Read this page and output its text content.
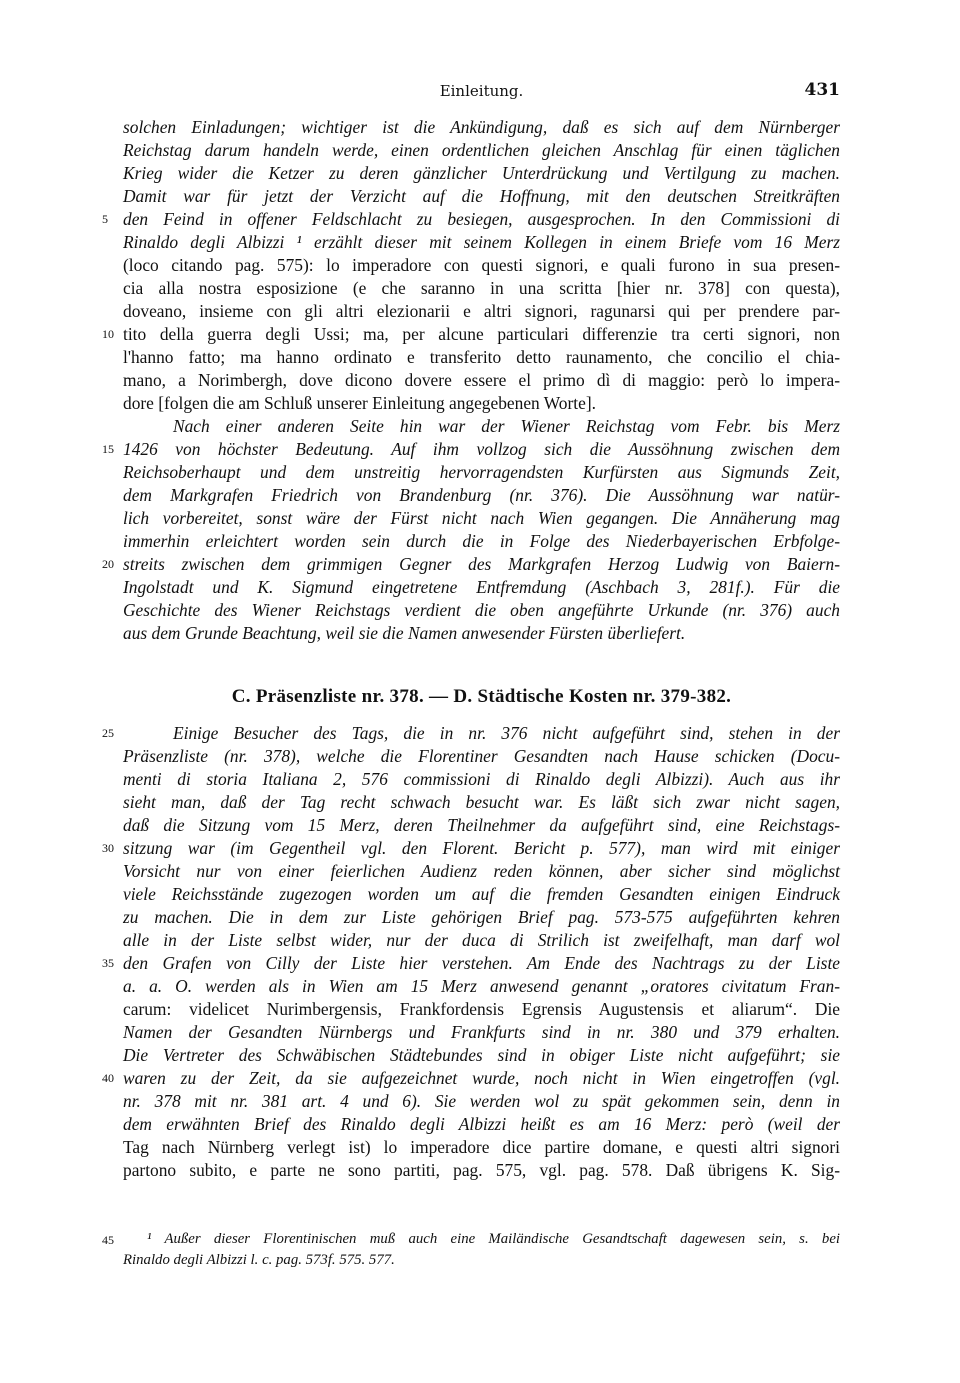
Einleitung.	431
solchen Einladungen; wichtiger ist die Ankündigung, daß es sich auf dem Nürnberger
Reichstag darum handeln werde, einen ordentlichen gleichen Anschlag für einen täglichen
Krieg wider die Ketzer zu deren gänzlicher Unterdrückung und Vertilgung zu machen.
Damit war für jetzt der Verzicht auf die Hoffnung, mit den deutschen Streitkräften
den Feind in offener Feldschlacht zu besiegen, ausgesprochen. In den Commissioni di
Rinaldo degli Albizzi ¹ erzählt dieser mit seinem Kollegen in einem Briefe vom 16 Merz
(loco citando pag. 575): lo imperadore con questi signori, e quali furono in sua presen-
cia alla nostra esposizione (e che saranno in una scritta [hier nr. 378] con questa),
doveano, insieme con gli altri elezionarii e altri signori, ragunarsi qui per prendere par-
tito della guerra degli Ussi; ma, per alcune particulari differenzie tra certi signori, non
l'hanno fatto; ma hanno ordinato e transferito detto raunamento, che concilio el chia-
mano, a Norimbergh, dove dicono dovere essere el primo dì di maggio: però lo impera-
dore [folgen die am Schluß unserer Einleitung angegebenen Worte].
Nach einer anderen Seite hin war der Wiener Reichstag vom Febr. bis Merz
1426 von höchster Bedeutung. Auf ihm vollzog sich die Aussöhnung zwischen dem
Reichsoberhaupt und dem unstreitig hervorragendsten Kurfürsten aus Sigmunds Zeit,
dem Markgrafen Friedrich von Brandenburg (nr. 376). Die Aussöhnung war natür-
lich vorbereitet, sonst wäre der Fürst nicht nach Wien gegangen. Die Annäherung mag
immerhin erleichtert worden sein durch die in Folge des Niederbayerischen Erbfolge-
streits zwischen dem grimmigen Gegner des Markgrafen Herzog Ludwig von Baiern-
Ingolstadt und K. Sigmund eingetretene Entfremdung (Aschbach 3, 281f.). Für die
Geschichte des Wiener Reichstags verdient die oben angeführte Urkunde (nr. 376) auch
aus dem Grunde Beachtung, weil sie die Namen anwesender Fürsten überliefert.
C. Präsenzliste nr. 378. — D. Städtische Kosten nr. 379-382.
Einige Besucher des Tags, die in nr. 376 nicht aufgeführt sind, stehen in der
Präsenzliste (nr. 378), welche die Florentiner Gesandten nach Hause schicken (Docu-
menti di storia Italiana 2, 576 commissioni di Rinaldo degli Albizzi). Auch aus ihr
sieht man, daß der Tag recht schwach besucht war. Es läßt sich zwar nicht sagen,
daß die Sitzung vom 15 Merz, deren Theilnehmer da aufgeführt sind, eine Reichstags-
sitzung war (im Gegentheil vgl. den Florent. Bericht p. 577), man wird mit einiger
Vorsicht nur von einer feierlichen Audienz reden können, aber sicher sind möglichst
viele Reichsstände zugezogen worden um auf die fremden Gesandten einigen Eindruck
zu machen. Die in dem zur Liste gehörigen Brief pag. 573-575 aufgeführten kehren
alle in der Liste selbst wider, nur der duca di Strilich ist zweifelhaft, man darf wol
den Grafen von Cilly der Liste hier verstehen. Am Ende des Nachtrags zu der Liste
a. a. O. werden als in Wien am 15 Merz anwesend genannt „oratores civitatum Fran-
carum: videlicet Nurimbergensis, Frankfordensis Egrensis Augustensis et aliarum“. Die
Namen der Gesandten Nürnbergs und Frankfurts sind in nr. 380 und 379 erhalten.
Die Vertreter des Schwäbischen Städtebundes sind in obiger Liste nicht aufgeführt; sie
waren zu der Zeit, da sie aufgezeichnet wurde, noch nicht in Wien eingetroffen (vgl.
nr. 378 mit nr. 381 art. 4 und 6). Sie werden wol zu spät gekommen sein, denn in
dem erwähnten Brief des Rinaldo degli Albizzi heißt es am 16 Merz: però (weil der
Tag nach Nürnberg verlegt ist) lo imperadore dice partire domane, e questi altri signori
partono subito, e parte ne sono partiti, pag. 575, vgl. pag. 578. Daß übrigens K. Sig-
¹ Außer dieser Florentinischen muß auch eine Mailändische Gesandtschaft dagewesen sein, s. bei
Rinaldo degli Albizzi l. c. pag. 573f. 575. 577.
5
10
15
20
25
30
35
40
45
